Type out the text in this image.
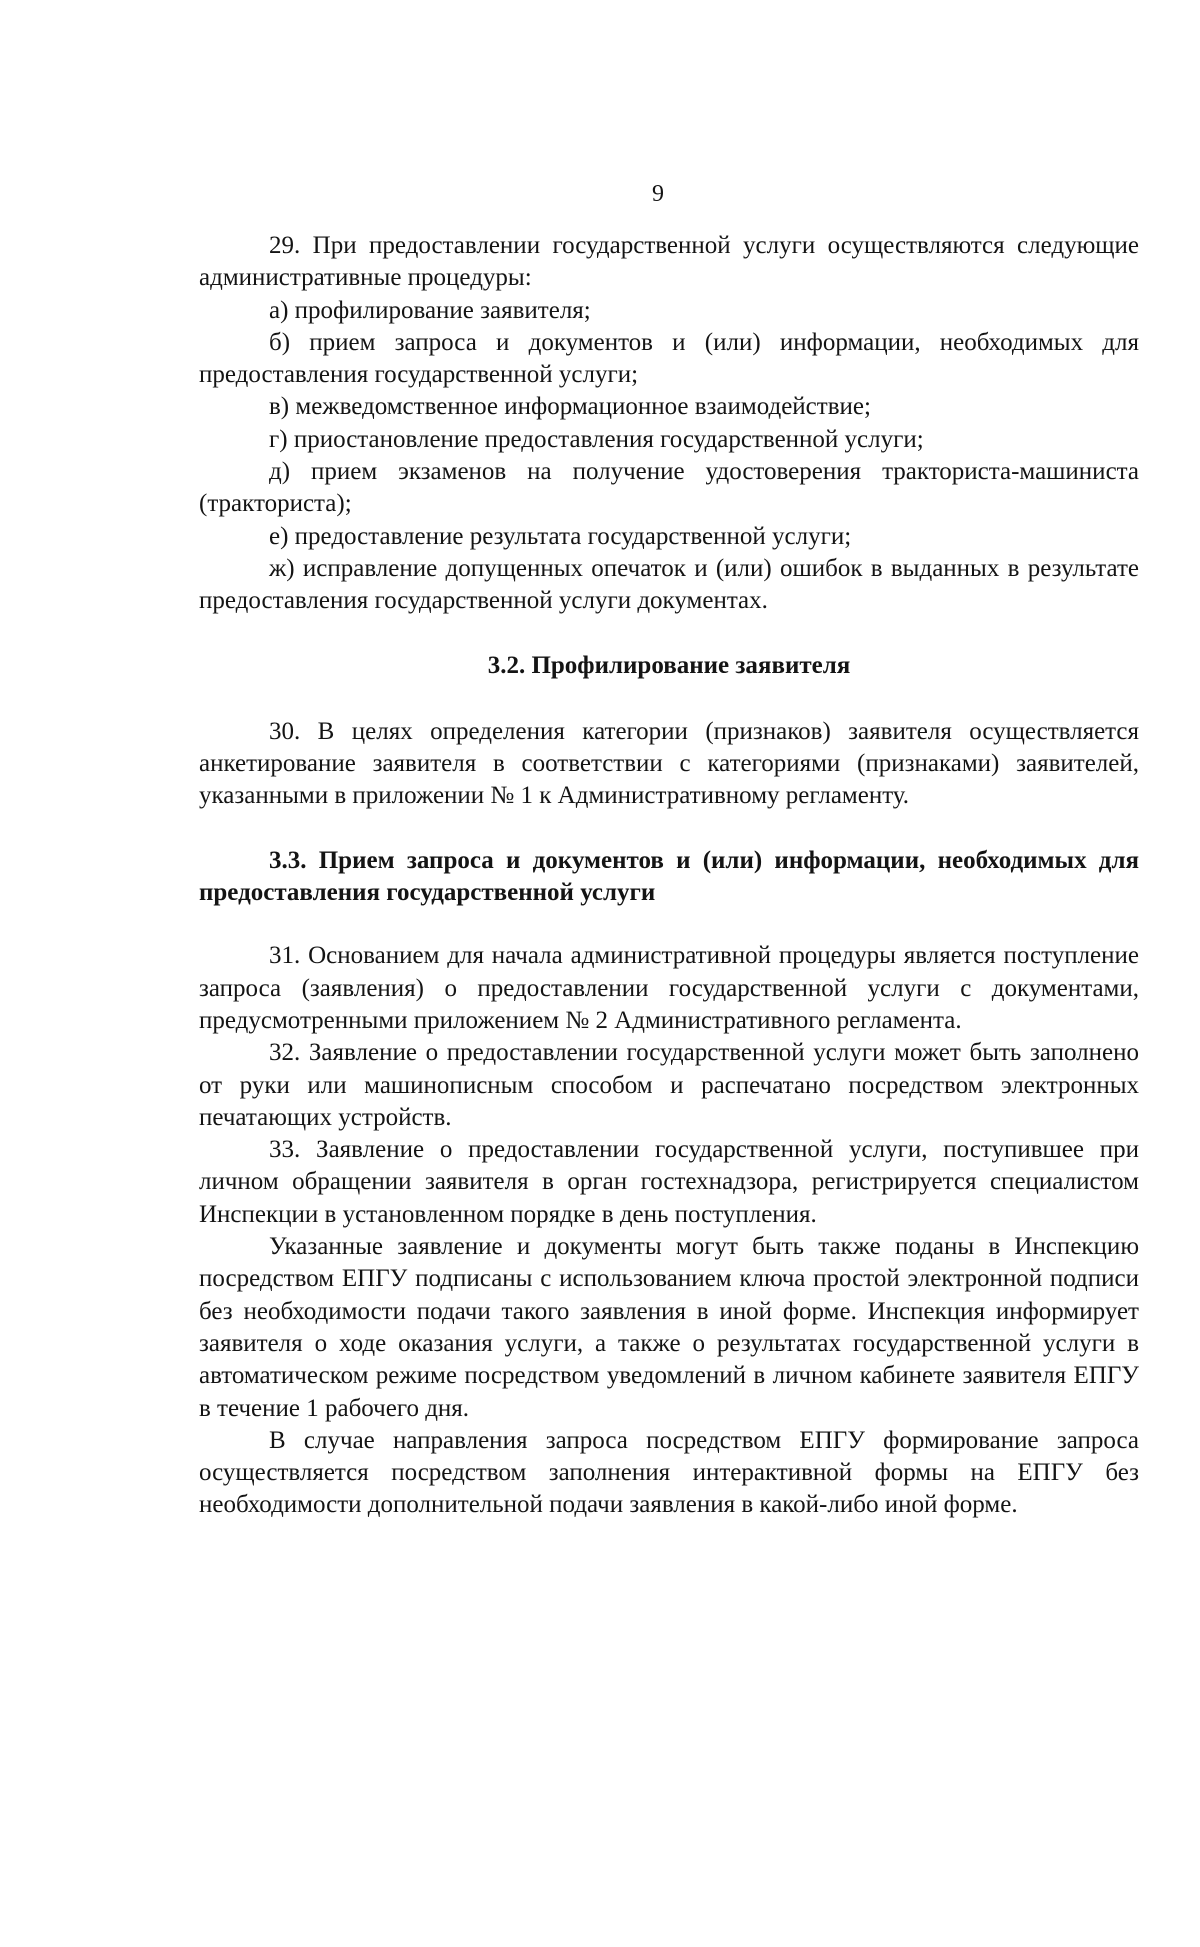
9

29. При предоставлении государственной услуги осуществляются следующие административные процедуры:

а) профилирование заявителя;

б) прием запроса и документов и (или) информации, необходимых для предоставления государственной услуги;

в) межведомственное информационное взаимодействие;

г) приостановление предоставления государственной услуги;

д) прием экзаменов на получение удостоверения тракториста-машиниста (тракториста);

е) предоставление результата государственной услуги;

ж) исправление допущенных опечаток и (или) ошибок в выданных в результате предоставления государственной услуги документах.

3.2. Профилирование заявителя

30. В целях определения категории (признаков) заявителя осуществляется анкетирование заявителя в соответствии с категориями (признаками) заявителей, указанными в приложении № 1 к Административному регламенту.

3.3. Прием запроса и документов и (или) информации, необходимых для предоставления государственной услуги

31. Основанием для начала административной процедуры является поступление запроса (заявления) о предоставлении государственной услуги с документами, предусмотренными приложением № 2 Административного регламента.

32. Заявление о предоставлении государственной услуги может быть заполнено от руки или машинописным способом и распечатано посредством электронных печатающих устройств.

33. Заявление о предоставлении государственной услуги, поступившее при личном обращении заявителя в орган гостехнадзора, регистрируется специалистом Инспекции в установленном порядке в день поступления.

Указанные заявление и документы могут быть также поданы в Инспекцию посредством ЕПГУ подписаны с использованием ключа простой электронной подписи без необходимости подачи такого заявления в иной форме. Инспекция информирует заявителя о ходе оказания услуги, а также о результатах государственной услуги в автоматическом режиме посредством уведомлений в личном кабинете заявителя ЕПГУ в течение 1 рабочего дня.

В случае направления запроса посредством ЕПГУ формирование запроса осуществляется посредством заполнения интерактивной формы на ЕПГУ без необходимости дополнительной подачи заявления в какой-либо иной форме.
